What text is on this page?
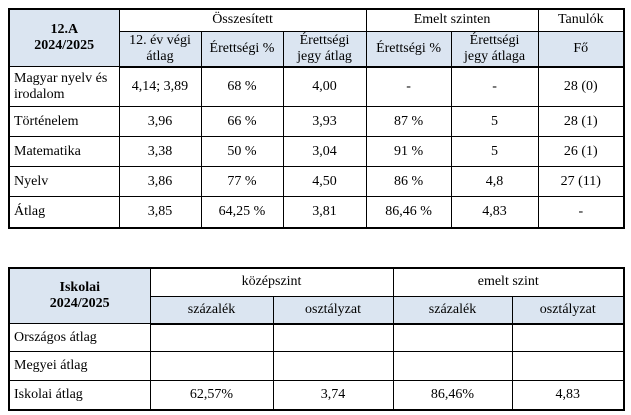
12.A
2024/2025	Összesített			Emelt szinten		Tanulók
	12. év végi átlag	Érettségi %	Érettségi jegy átlag	Érettségi %	Érettségi jegy átlaga	Fő
Magyar nyelv és irodalom	4,14; 3,89	68 %	4,00	-	-	28 (0)
Történelem	3,96	66 %	3,93	87 %	5	28 (1)
Matematika	3,38	50 %	3,04	91 %	5	26 (1)
Nyelv	3,86	77 %	4,50	86 %	4,8	27 (11)
Átlag	3,85	64,25 %	3,81	86,46 %	4,83	-
Iskolai
2024/2025	középszint		emelt szint	
	százalék	osztályzat	százalék	osztályzat
Országos átlag				
Megyei átlag				
Iskolai átlag	62,57%	3,74	86,46%	4,83
